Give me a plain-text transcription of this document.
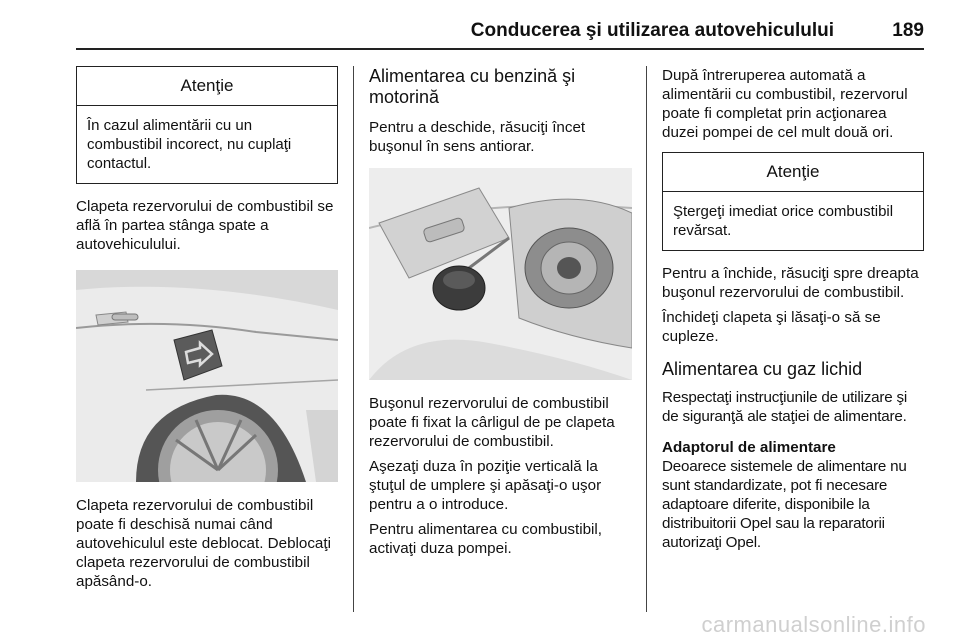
Conducerea şi utilizarea autovehiculului	189
Atenţie
În cazul alimentării cu un combustibil incorect, nu cuplaţi contactul.

Clapeta rezervorului de combustibil se află în partea stânga spate a autovehiculului.

Clapeta rezervorului de combustibil poate fi deschisă numai când autovehiculul este deblocat. Deblocaţi clapeta rezervorului de combustibil apăsând-o.

Alimentarea cu benzină şi motorină

Pentru a deschide, răsuciţi încet buşonul în sens antiorar.

Buşonul rezervorului de combustibil poate fi fixat la cârligul de pe clapeta rezervorului de combustibil.

Aşezaţi duza în poziţie verticală la ştuţul de umplere şi apăsaţi-o uşor pentru a o introduce.

Pentru alimentarea cu combustibil, activaţi duza pompei.

După întreruperea automată a alimentării cu combustibil, rezervorul poate fi completat prin acţionarea duzei pompei de cel mult două ori.

Atenţie
Ştergeţi imediat orice combustibil revărsat.

Pentru a închide, răsuciţi spre dreapta buşonul rezervorului de combustibil.

Închideţi clapeta şi lăsaţi-o să se cupleze.

Alimentarea cu gaz lichid

Respectaţi instrucţiunile de utilizare şi de siguranţă ale staţiei de alimentare.

Adaptorul de alimentare

Deoarece sistemele de alimentare nu sunt standardizate, pot fi necesare adaptoare diferite, disponibile la distribuitorii Opel sau la reparatorii autorizaţi Opel.

carmanualsonline.info
